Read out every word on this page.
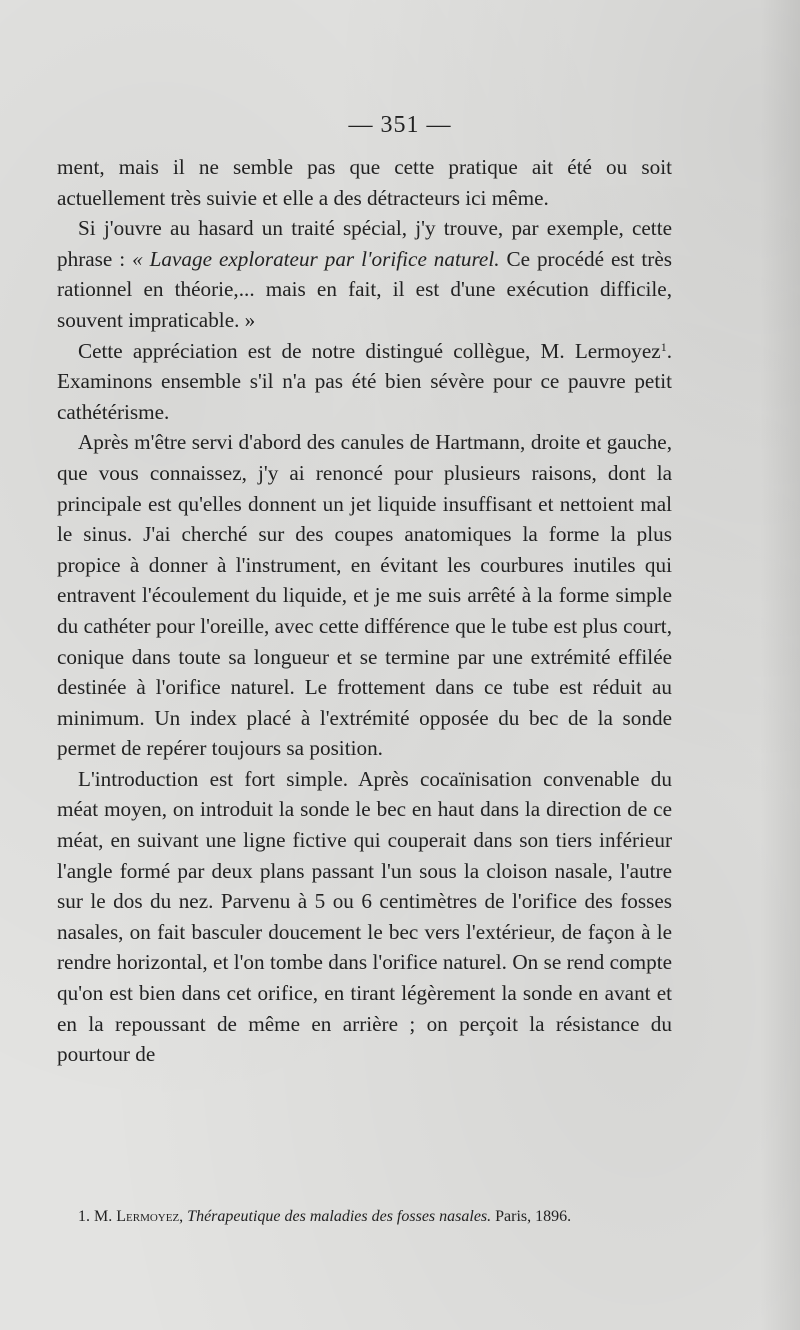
— 351 —

ment, mais il ne semble pas que cette pratique ait été ou soit actuellement très suivie et elle a des détracteurs ici même.

Si j'ouvre au hasard un traité spécial, j'y trouve, par exemple, cette phrase : « Lavage explorateur par l'orifice naturel. Ce procédé est très rationnel en théorie,... mais en fait, il est d'une exécution difficile, souvent impraticable. »

Cette appréciation est de notre distingué collègue, M. Lermoyez$^1$. Examinons ensemble s'il n'a pas été bien sévère pour ce pauvre petit cathétérisme.

Après m'être servi d'abord des canules de Hartmann, droite et gauche, que vous connaissez, j'y ai renoncé pour plusieurs raisons, dont la principale est qu'elles donnent un jet liquide insuffisant et nettoient mal le sinus. J'ai cherché sur des coupes anatomiques la forme la plus propice à donner à l'instrument, en évitant les courbures inutiles qui entravent l'écoulement du liquide, et je me suis arrêté à la forme simple du cathéter pour l'oreille, avec cette différence que le tube est plus court, conique dans toute sa longueur et se termine par une extrémité effilée destinée à l'orifice naturel. Le frottement dans ce tube est réduit au minimum. Un index placé à l'extrémité opposée du bec de la sonde permet de repérer toujours sa position.

L'introduction est fort simple. Après cocaïnisation convenable du méat moyen, on introduit la sonde le bec en haut dans la direction de ce méat, en suivant une ligne fictive qui couperait dans son tiers inférieur l'angle formé par deux plans passant l'un sous la cloison nasale, l'autre sur le dos du nez. Parvenu à 5 ou 6 centimètres de l'orifice des fosses nasales, on fait basculer doucement le bec vers l'extérieur, de façon à le rendre horizontal, et l'on tombe dans l'orifice naturel. On se rend compte qu'on est bien dans cet orifice, en tirant légèrement la sonde en avant et en la repoussant de même en arrière ; on perçoit la résistance du pourtour de

1. M. Lermoyez, Thérapeutique des maladies des fosses nasales. Paris, 1896.
